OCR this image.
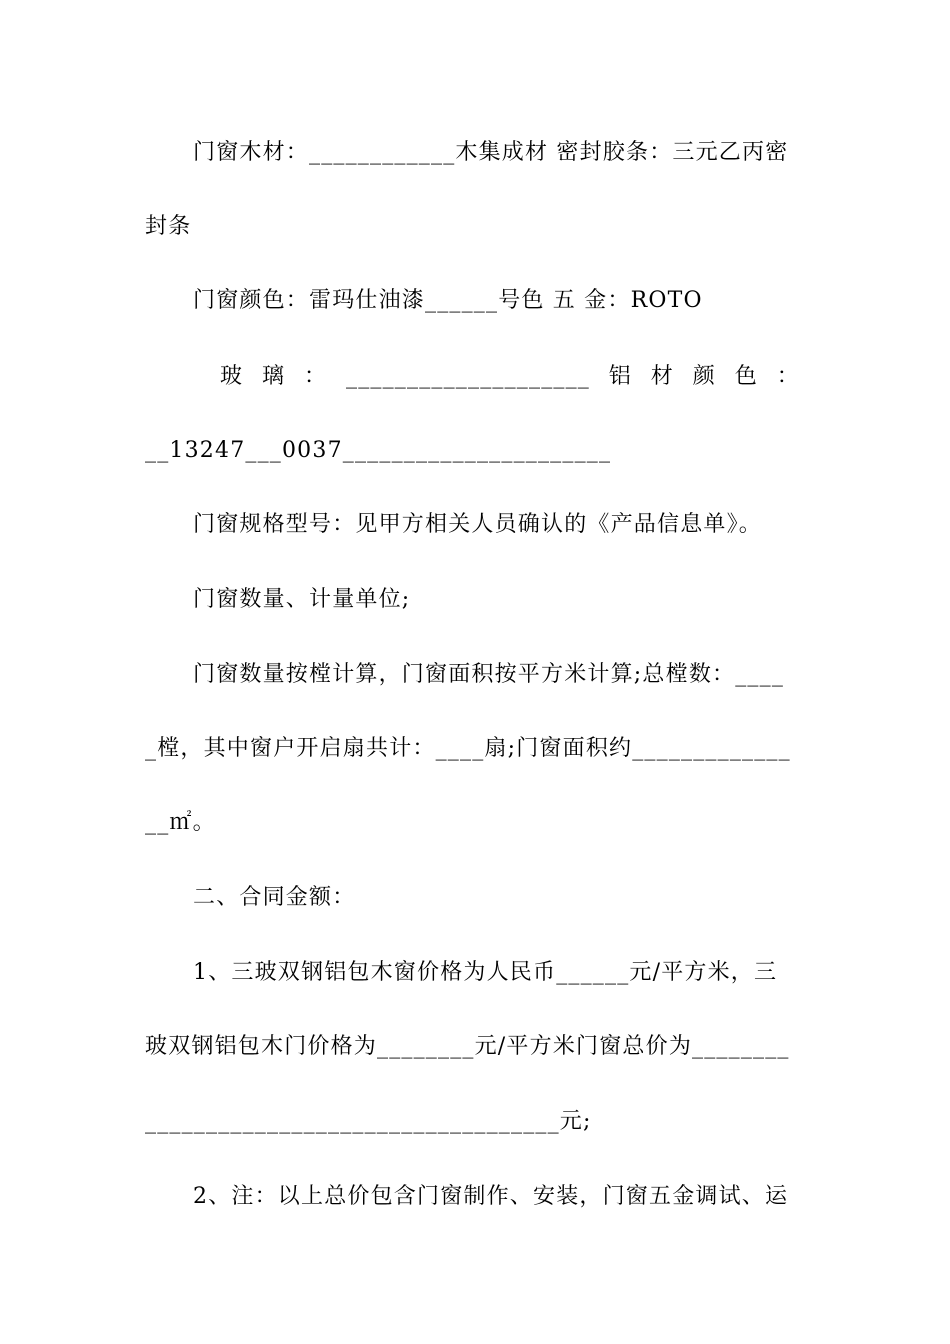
门窗木材：____________木集成材 密封胶条：三元乙丙密
封条
门窗颜色：雷玛仕油漆______号色 五 金：ROTO
玻 璃 ： ____________________ 铝 材 颜 色 ：
__13247___0037______________________
门窗规格型号：见甲方相关人员确认的《产品信息单》。
门窗数量、计量单位;
门窗数量按樘计算，门窗面积按平方米计算;总樘数：____
_樘，其中窗户开启扇共计：____扇;门窗面积约_____________
__㎡。
二、合同金额：
1、三玻双钢铝包木窗价格为人民币______元/平方米，三
玻双钢铝包木门价格为________元/平方米门窗总价为________
__________________________________元;
2、注：以上总价包含门窗制作、安装，门窗五金调试、运
